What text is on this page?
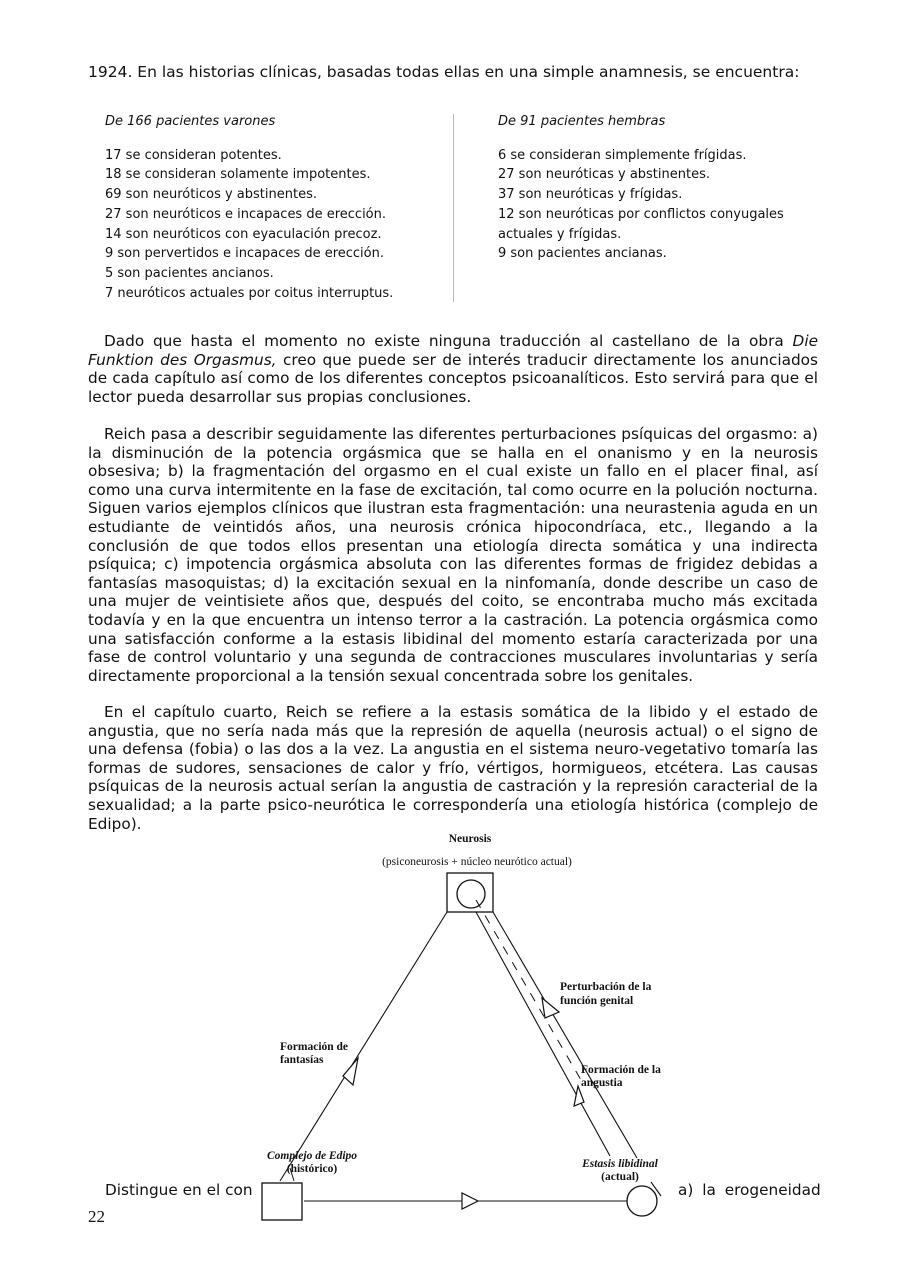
1924. En las historias clínicas, basadas todas ellas en una simple anamnesis, se encuentra:
De 166 pacientes varones
17 se consideran potentes.
18 se consideran solamente impotentes.
69 son neuróticos y abstinentes.
27 son neuróticos e incapaces de erección.
14 son neuróticos con eyaculación precoz.
9 son pervertidos e incapaces de erección.
5 son pacientes ancianos.
7 neuróticos actuales por coitus interruptus.
De 91 pacientes hembras
6 se consideran simplemente frígidas.
27 son neuróticas y abstinentes.
37 son neuróticas y frígidas.
12 son neuróticas por conflictos conyugales
actuales y frígidas.
9 son pacientes ancianas.
Dado que hasta el momento no existe ninguna traducción al castellano de la obra Die Funktion des Orgasmus, creo que puede ser de interés traducir directamente los anunciados de cada capítulo así como de los diferentes conceptos psicoanalíticos. Esto servirá para que el lector pueda desarrollar sus propias conclusiones.
Reich pasa a describir seguidamente las diferentes perturbaciones psíquicas del orgasmo: a) la disminución de la potencia orgásmica que se halla en el onanismo y en la neurosis obsesiva; b) la fragmentación del orgasmo en el cual existe un fallo en el placer final, así como una curva intermitente en la fase de excitación, tal como ocurre en la polución nocturna. Siguen varios ejemplos clínicos que ilustran esta fragmentación: una neurastenia aguda en un estudiante de veintidós años, una neurosis crónica hipocondríaca, etc., llegando a la conclusión de que todos ellos presentan una etiología directa somática y una indirecta psíquica; c) impotencia orgásmica absoluta con las diferentes formas de frigidez debidas a fantasías masoquistas; d) la excitación sexual en la ninfomanía, donde describe un caso de una mujer de veintisiete años que, después del coito, se encontraba mucho más excitada todavía y en la que encuentra un intenso terror a la castración. La potencia orgásmica como una satisfacción conforme a la estasis libidinal del momento estaría caracterizada por una fase de control voluntario y una segunda de contracciones musculares involuntarias y sería directamente proporcional a la tensión sexual concentrada sobre los genitales.
En el capítulo cuarto, Reich se refiere a la estasis somática de la libido y el estado de angustia, que no sería nada más que la represión de aquella (neurosis actual) o el signo de una defensa (fobia) o las dos a la vez. La angustia en el sistema neuro-vegetativo tomaría las formas de sudores, sensaciones de calor y frío, vértigos, hormigueos, etcétera. Las causas psíquicas de la neurosis actual serían la angustia de castración y la represión caracterial de la sexualidad; a la parte psico-neurótica le correspondería una etiología histórica (complejo de Edipo).
Neurosis
(psiconeurosis + núcleo neurótico actual)
Perturbación de la
función genital
Formación de la
angustia
Formación de
fantasías
Complejo de Edipo
(histórico)	Estasis libidinal
(actual)
Distingue en el con	a) la erogeneidad
22
